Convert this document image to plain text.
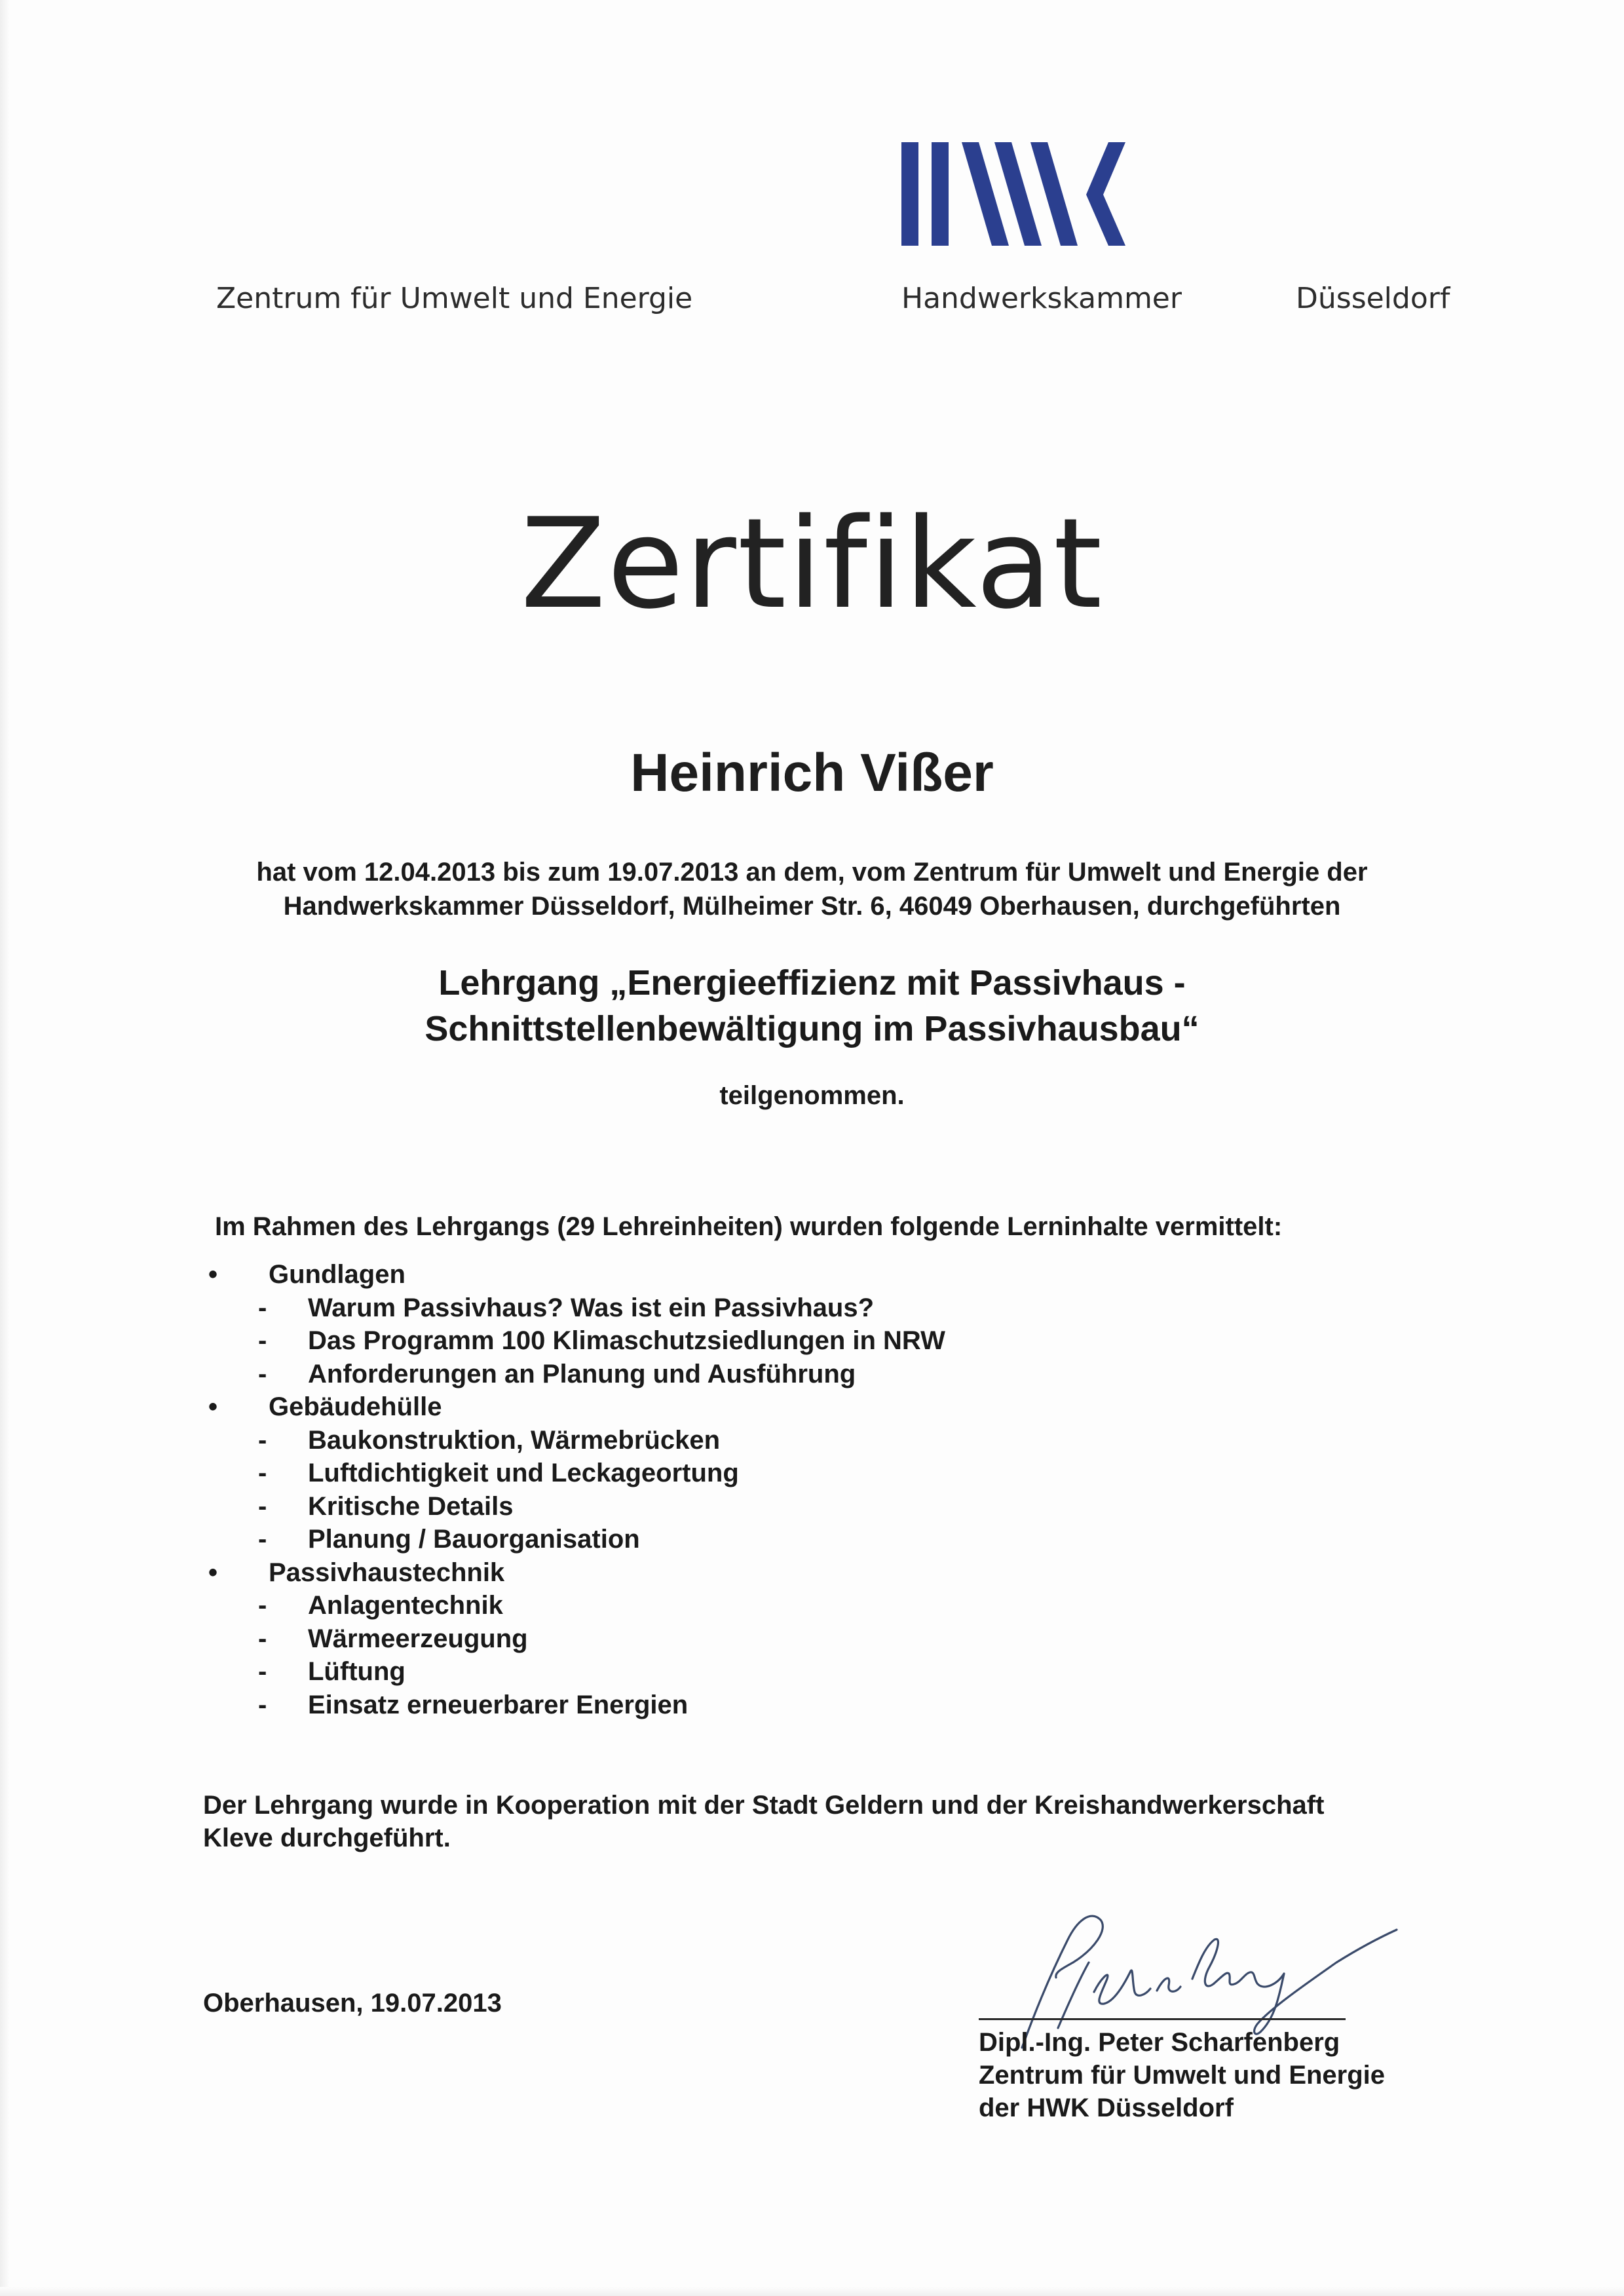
Zentrum für Umwelt und Energie	Handwerkskammer	Düsseldorf
Zertifikat
Heinrich Vißer
hat vom 12.04.2013 bis zum 19.07.2013 an dem, vom Zentrum für Umwelt und Energie der
Handwerkskammer Düsseldorf, Mülheimer Str. 6, 46049 Oberhausen, durchgeführten
Lehrgang „Energieeffizienz mit Passivhaus -
Schnittstellenbewältigung im Passivhausbau“
teilgenommen.
Im Rahmen des Lehrgangs (29 Lehreinheiten) wurden folgende Lerninhalte vermittelt:
• Gundlagen
- Warum Passivhaus? Was ist ein Passivhaus?
- Das Programm 100 Klimaschutzsiedlungen in NRW
- Anforderungen an Planung und Ausführung
• Gebäudehülle
- Baukonstruktion, Wärmebrücken
- Luftdichtigkeit und Leckageortung
- Kritische Details
- Planung / Bauorganisation
• Passivhaustechnik
- Anlagentechnik
- Wärmeerzeugung
- Lüftung
- Einsatz erneuerbarer Energien
Der Lehrgang wurde in Kooperation mit der Stadt Geldern und der Kreishandwerkerschaft
Kleve durchgeführt.
Oberhausen, 19.07.2013
Dipl.-Ing. Peter Scharfenberg
Zentrum für Umwelt und Energie
der HWK Düsseldorf
